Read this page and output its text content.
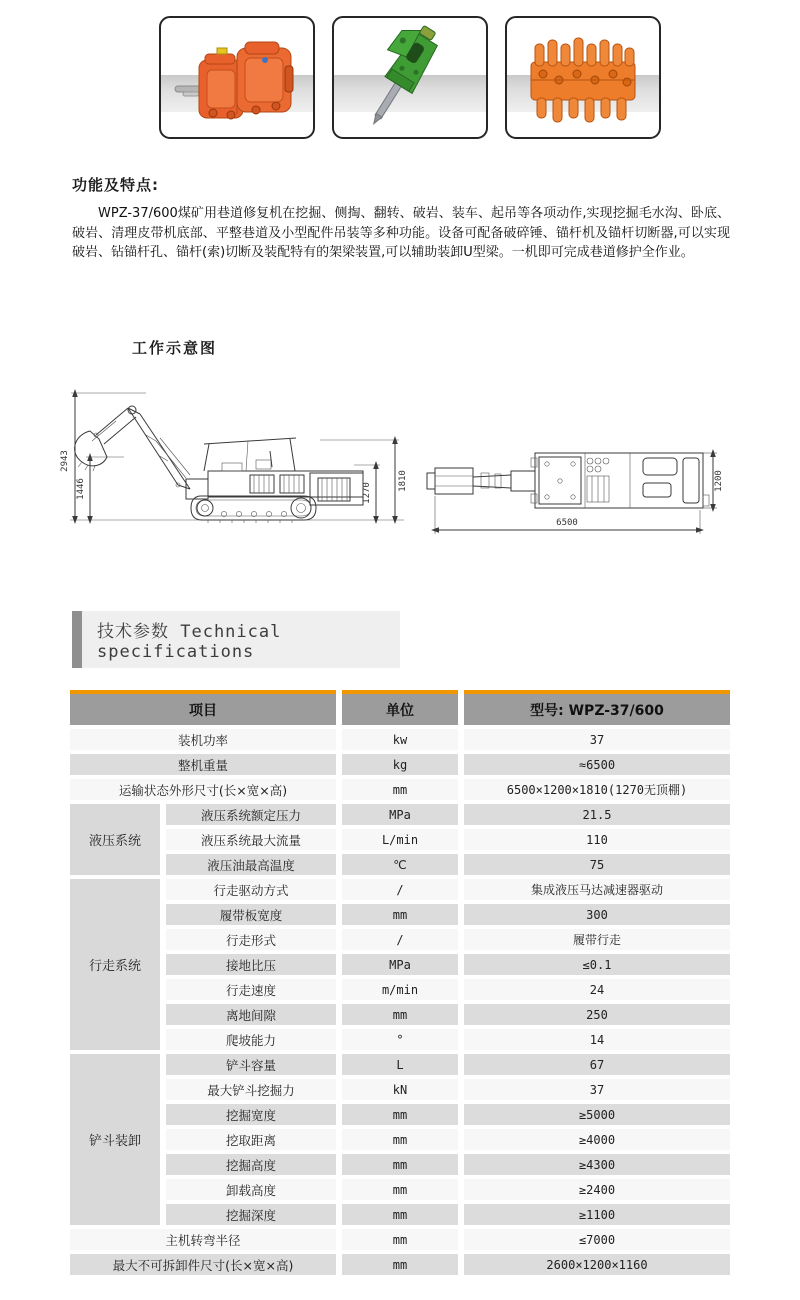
功能及特点:
WPZ-37/600煤矿用巷道修复机在挖掘、侧掏、翻转、破岩、装车、起吊等各项动作,实现挖掘毛水沟、卧底、破岩、清理皮带机底部、平整巷道及小型配件吊装等多种功能。设备可配备破碎锤、锚杆机及锚杆切断器,可以实现破岩、钻锚杆孔、锚杆(索)切断及装配特有的架梁装置,可以辅助装卸U型梁。一机即可完成巷道修护全作业。
工作示意图
2943
1446	1270
1810
6500
1200
技术参数 Technical specifications
项目	单位	型号: WPZ-37/600
装机功率	kw	37
整机重量	kg	≈6500
运输状态外形尺寸(长×宽×高)	mm	6500×1200×1810(1270无顶棚)
液压系统
液压系统额定压力	MPa	21.5
液压系统最大流量	L/min	110
液压油最高温度	℃	75
行走系统
行走驱动方式	/	集成液压马达减速器驱动
履带板宽度	mm	300
行走形式	/	履带行走
接地比压	MPa	≤0.1
行走速度	m/min	24
离地间隙	mm	250
爬坡能力	°	14
铲斗装卸
铲斗容量	L	67
最大铲斗挖掘力	kN	37
挖掘宽度	mm	≥5000
挖取距离	mm	≥4000
挖掘高度	mm	≥4300
卸载高度	mm	≥2400
挖掘深度	mm	≥1100
主机转弯半径	mm	≤7000
最大不可拆卸件尺寸(长×宽×高)	mm	2600×1200×1160
